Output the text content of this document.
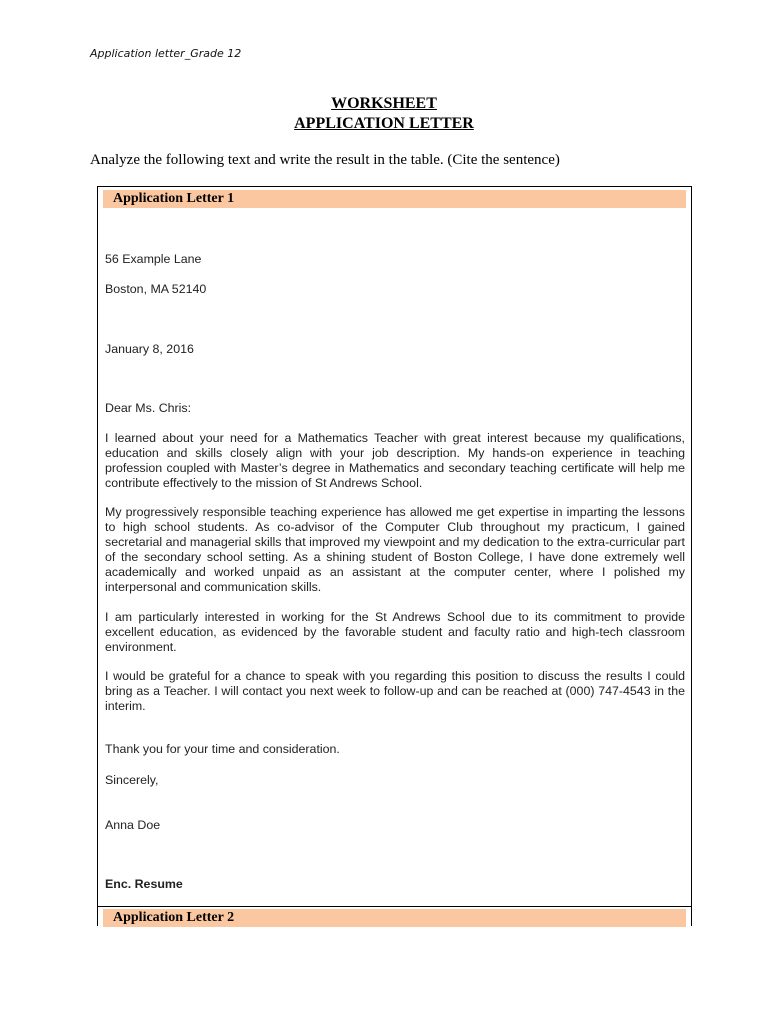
Application letter_Grade 12
WORKSHEET
APPLICATION LETTER
Analyze the following text and write the result in the table. (Cite the sentence)
Application Letter 1
56 Example Lane
Boston, MA 52140
January 8, 2016
Dear Ms. Chris:
I learned about your need for a Mathematics Teacher with great interest because my qualifications, education and skills closely align with your job description. My hands-on experience in teaching profession coupled with Master’s degree in Mathematics and secondary teaching certificate will help me contribute effectively to the mission of St Andrews School.
My progressively responsible teaching experience has allowed me get expertise in imparting the lessons to high school students. As co-advisor of the Computer Club throughout my practicum, I gained secretarial and managerial skills that improved my viewpoint and my dedication to the extra-curricular part of the secondary school setting. As a shining student of Boston College, I have done extremely well academically and worked unpaid as an assistant at the computer center, where I polished my interpersonal and communication skills.
I am particularly interested in working for the St Andrews School due to its commitment to provide excellent education, as evidenced by the favorable student and faculty ratio and high-tech classroom environment.
I would be grateful for a chance to speak with you regarding this position to discuss the results I could bring as a Teacher. I will contact you next week to follow-up and can be reached at (000) 747-4543 in the interim.
Thank you for your time and consideration.
Sincerely,
Anna Doe
Enc. Resume
Application Letter 2
